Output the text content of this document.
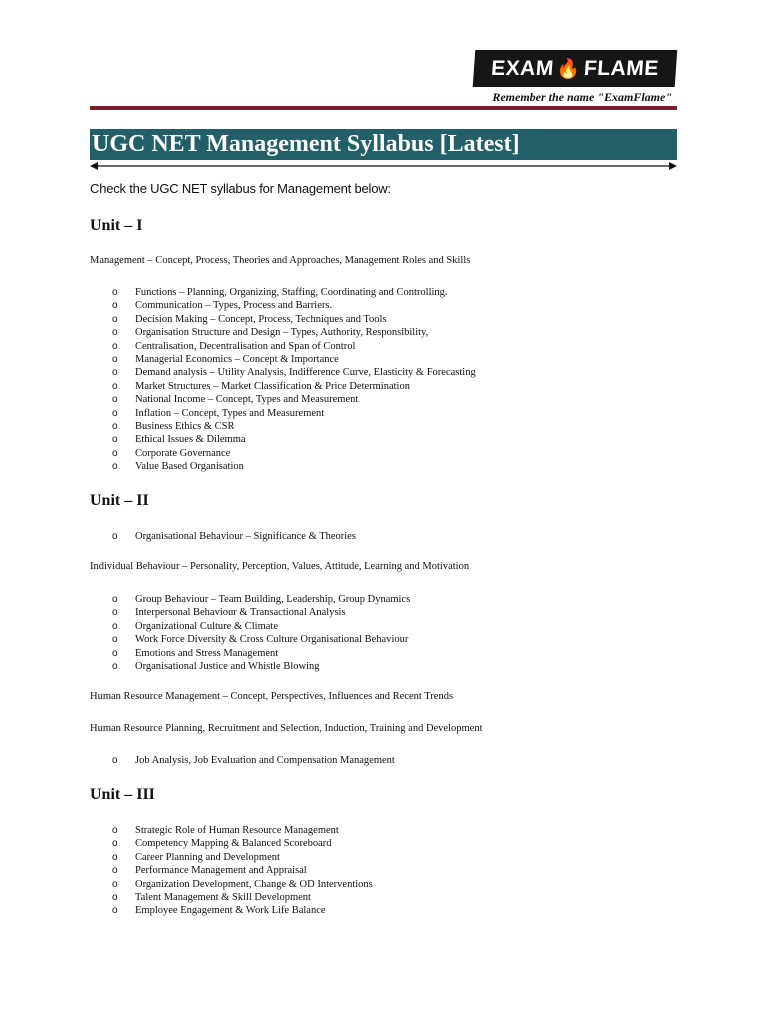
EXAM 🔥 FLAME
Remember the name "ExamFlame"
UGC NET Management Syllabus [Latest]
Check the UGC NET syllabus for Management below:
Unit – I
Management – Concept, Process, Theories and Approaches, Management Roles and Skills
o Functions – Planning, Organizing, Staffing, Coordinating and Controlling.
o Communication – Types, Process and Barriers.
o Decision Making – Concept, Process, Techniques and Tools
o Organisation Structure and Design – Types, Authority, Responsibility,
o Centralisation, Decentralisation and Span of Control
o Managerial Economics – Concept & Importance
o Demand analysis – Utility Analysis, Indifference Curve, Elasticity & Forecasting
o Market Structures – Market Classification & Price Determination
o National Income – Concept, Types and Measurement
o Inflation – Concept, Types and Measurement
o Business Ethics & CSR
o Ethical Issues & Dilemma
o Corporate Governance
o Value Based Organisation
Unit – II
o Organisational Behaviour – Significance & Theories
Individual Behaviour – Personality, Perception, Values, Attitude, Learning and Motivation
o Group Behaviour – Team Building, Leadership, Group Dynamics
o Interpersonal Behaviour & Transactional Analysis
o Organizational Culture & Climate
o Work Force Diversity & Cross Culture Organisational Behaviour
o Emotions and Stress Management
o Organisational Justice and Whistle Blowing
Human Resource Management – Concept, Perspectives, Influences and Recent Trends
Human Resource Planning, Recruitment and Selection, Induction, Training and Development
o Job Analysis, Job Evaluation and Compensation Management
Unit – III
o Strategic Role of Human Resource Management
o Competency Mapping & Balanced Scoreboard
o Career Planning and Development
o Performance Management and Appraisal
o Organization Development, Change & OD Interventions
o Talent Management & Skill Development
o Employee Engagement & Work Life Balance
